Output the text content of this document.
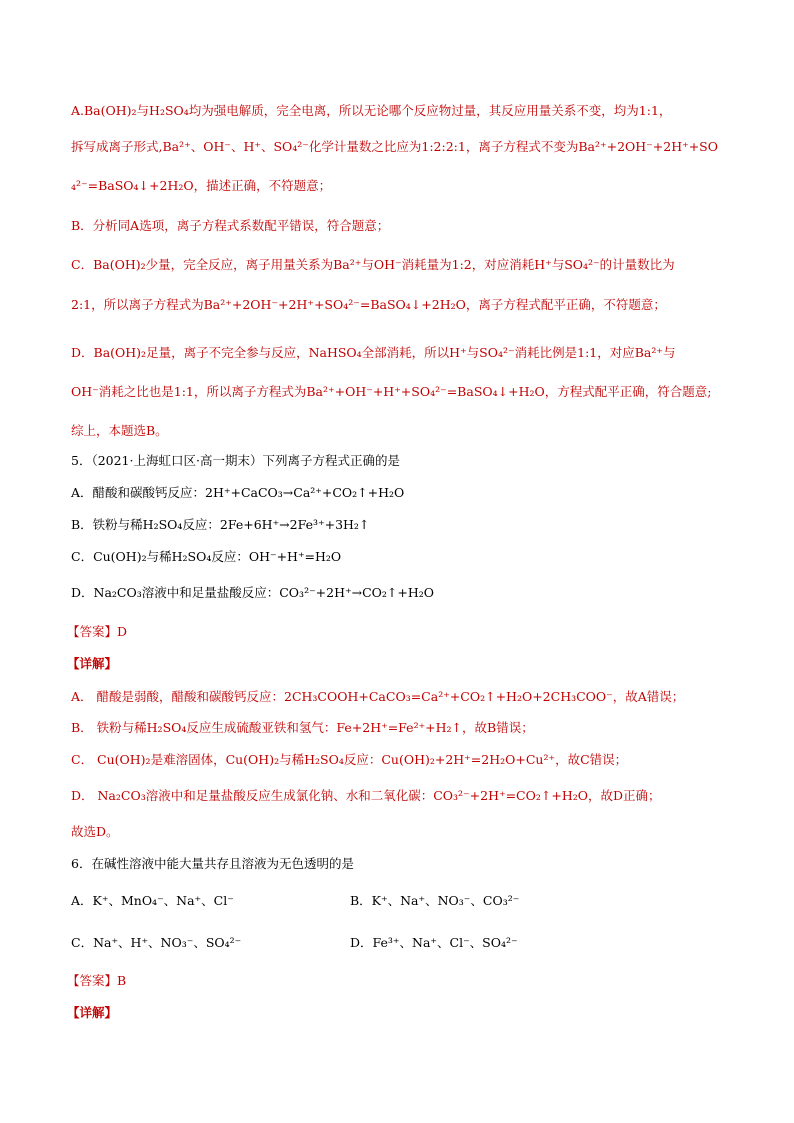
A.Ba(OH)₂与H₂SO₄均为强电解质，完全电离，所以无论哪个反应物过量，其反应用量关系不变，均为1:1，
拆写成离子形式,Ba²⁺、OH⁻、H⁺、SO₄²⁻化学计量数之比应为1:2:2:1，离子方程式不变为Ba²⁺+2OH⁻+2H⁺+SO
₄²⁻=BaSO₄↓+2H₂O，描述正确，不符题意；
B．分析同A选项，离子方程式系数配平错误，符合题意；
C．Ba(OH)₂少量，完全反应，离子用量关系为Ba²⁺与OH⁻消耗量为1:2，对应消耗H⁺与SO₄²⁻的计量数比为
2:1，所以离子方程式为Ba²⁺+2OH⁻+2H⁺+SO₄²⁻=BaSO₄↓+2H₂O，离子方程式配平正确，不符题意；
D．Ba(OH)₂足量，离子不完全参与反应，NaHSO₄全部消耗，所以H⁺与SO₄²⁻消耗比例是1:1，对应Ba²⁺与
OH⁻消耗之比也是1:1，所以离子方程式为Ba²⁺+OH⁻+H⁺+SO₄²⁻=BaSO₄↓+H₂O，方程式配平正确，符合题意;
综上，本题选B。
5．（2021·上海虹口区·高一期末）下列离子方程式正确的是
A．醋酸和碳酸钙反应：2H⁺+CaCO₃→Ca²⁺+CO₂↑+H₂O
B．铁粉与稀H₂SO₄反应：2Fe+6H⁺→2Fe³⁺+3H₂↑
C．Cu(OH)₂与稀H₂SO₄反应：OH⁻+H⁺=H₂O
D．Na₂CO₃溶液中和足量盐酸反应：CO₃²⁻+2H⁺→CO₂↑+H₂O
【答案】D
【详解】
A． 醋酸是弱酸，醋酸和碳酸钙反应：2CH₃COOH+CaCO₃=Ca²⁺+CO₂↑+H₂O+2CH₃COO⁻，故A错误；
B． 铁粉与稀H₂SO₄反应生成硫酸亚铁和氢气：Fe+2H⁺=Fe²⁺+H₂↑，故B错误；
C． Cu(OH)₂是难溶固体，Cu(OH)₂与稀H₂SO₄反应：Cu(OH)₂+2H⁺=2H₂O+Cu²⁺，故C错误；
D． Na₂CO₃溶液中和足量盐酸反应生成氯化钠、水和二氧化碳：CO₃²⁻+2H⁺=CO₂↑+H₂O，故D正确；
故选D。
6．在碱性溶液中能大量共存且溶液为无色透明的是
A．K⁺、MnO₄⁻、Na⁺、Cl⁻	B．K⁺、Na⁺、NO₃⁻、CO₃²⁻
C．Na⁺、H⁺、NO₃⁻、SO₄²⁻	D．Fe³⁺、Na⁺、Cl⁻、SO₄²⁻
【答案】B
【详解】
